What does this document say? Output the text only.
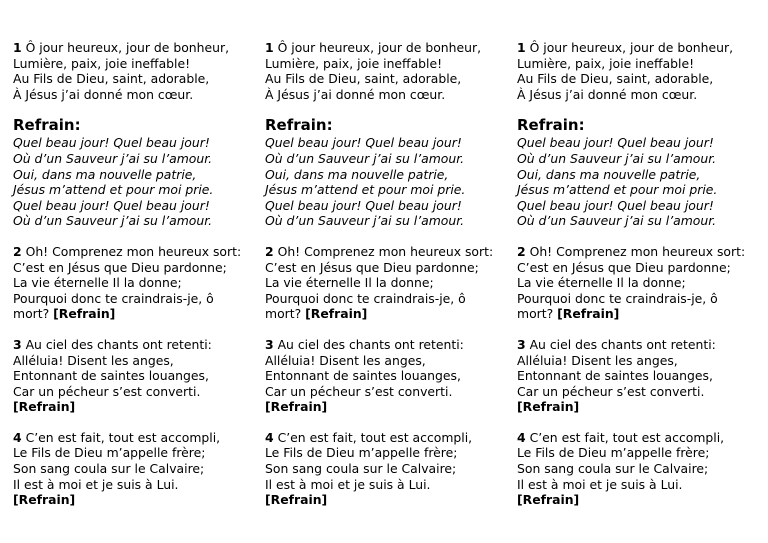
1 Ô jour heureux, jour de bonheur,
Lumière, paix, joie ineffable!
Au Fils de Dieu, saint, adorable,
À Jésus j’ai donné mon cœur.
Refrain:
Quel beau jour! Quel beau jour!
Où d’un Sauveur j’ai su l’amour.
Oui, dans ma nouvelle patrie,
Jésus m’attend et pour moi prie.
Quel beau jour! Quel beau jour!
Où d’un Sauveur j’ai su l’amour.
2 Oh! Comprenez mon heureux sort:
C’est en Jésus que Dieu pardonne;
La vie éternelle Il la donne;
Pourquoi donc te craindrais-je, ô
mort? [Refrain]
3 Au ciel des chants ont retenti:
Alléluia! Disent les anges,
Entonnant de saintes louanges,
Car un pécheur s’est converti.
[Refrain]
4 C’en est fait, tout est accompli,
Le Fils de Dieu m’appelle frère;
Son sang coula sur le Calvaire;
Il est à moi et je suis à Lui.
[Refrain]
1 Ô jour heureux, jour de bonheur,
Lumière, paix, joie ineffable!
Au Fils de Dieu, saint, adorable,
À Jésus j’ai donné mon cœur.
Refrain:
Quel beau jour! Quel beau jour!
Où d’un Sauveur j’ai su l’amour.
Oui, dans ma nouvelle patrie,
Jésus m’attend et pour moi prie.
Quel beau jour! Quel beau jour!
Où d’un Sauveur j’ai su l’amour.
2 Oh! Comprenez mon heureux sort:
C’est en Jésus que Dieu pardonne;
La vie éternelle Il la donne;
Pourquoi donc te craindrais-je, ô
mort? [Refrain]
3 Au ciel des chants ont retenti:
Alléluia! Disent les anges,
Entonnant de saintes louanges,
Car un pécheur s’est converti.
[Refrain]
4 C’en est fait, tout est accompli,
Le Fils de Dieu m’appelle frère;
Son sang coula sur le Calvaire;
Il est à moi et je suis à Lui.
[Refrain]
1 Ô jour heureux, jour de bonheur,
Lumière, paix, joie ineffable!
Au Fils de Dieu, saint, adorable,
À Jésus j’ai donné mon cœur.
Refrain:
Quel beau jour! Quel beau jour!
Où d’un Sauveur j’ai su l’amour.
Oui, dans ma nouvelle patrie,
Jésus m’attend et pour moi prie.
Quel beau jour! Quel beau jour!
Où d’un Sauveur j’ai su l’amour.
2 Oh! Comprenez mon heureux sort:
C’est en Jésus que Dieu pardonne;
La vie éternelle Il la donne;
Pourquoi donc te craindrais-je, ô
mort? [Refrain]
3 Au ciel des chants ont retenti:
Alléluia! Disent les anges,
Entonnant de saintes louanges,
Car un pécheur s’est converti.
[Refrain]
4 C’en est fait, tout est accompli,
Le Fils de Dieu m’appelle frère;
Son sang coula sur le Calvaire;
Il est à moi et je suis à Lui.
[Refrain]
